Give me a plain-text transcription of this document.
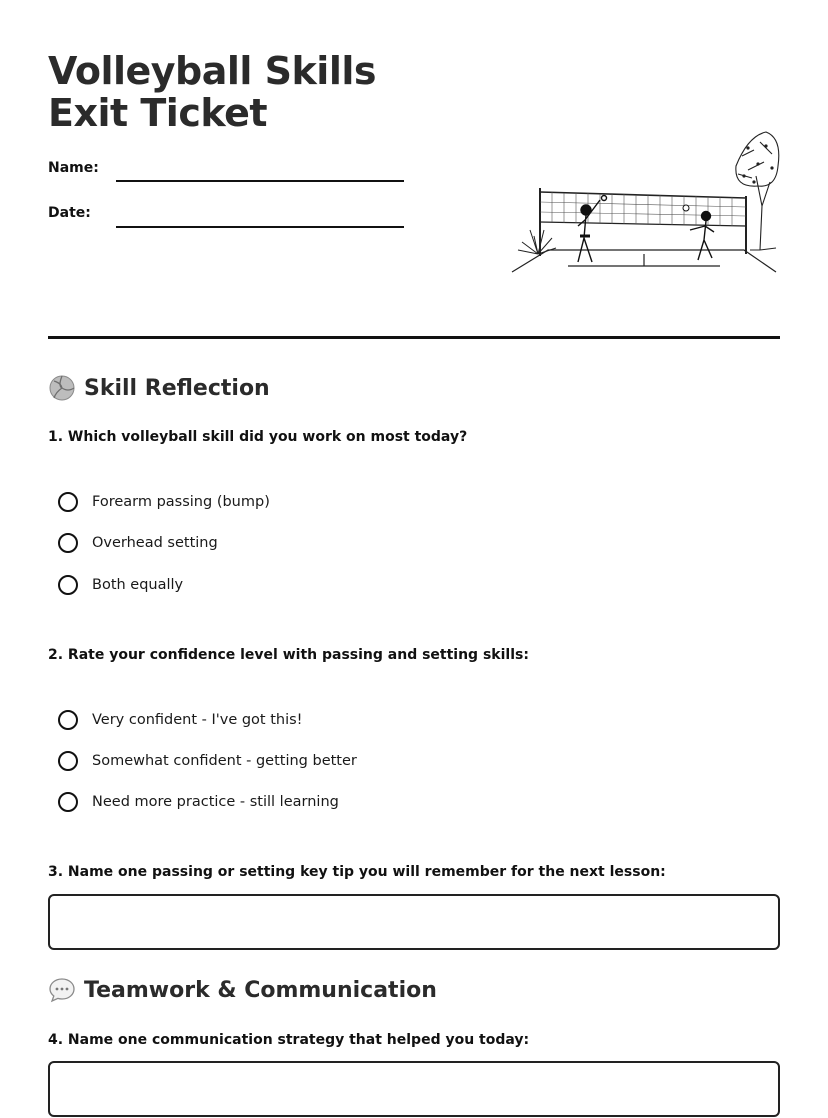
Volleyball Skills Exit Ticket
Name:
Date:
Skill Reflection
1. Which volleyball skill did you work on most today?
Forearm passing (bump)
Overhead setting
Both equally
2. Rate your confidence level with passing and setting skills:
Very confident - I've got this!
Somewhat confident - getting better
Need more practice - still learning
3. Name one passing or setting key tip you will remember for the next lesson:
Teamwork & Communication
4. Name one communication strategy that helped you today:
